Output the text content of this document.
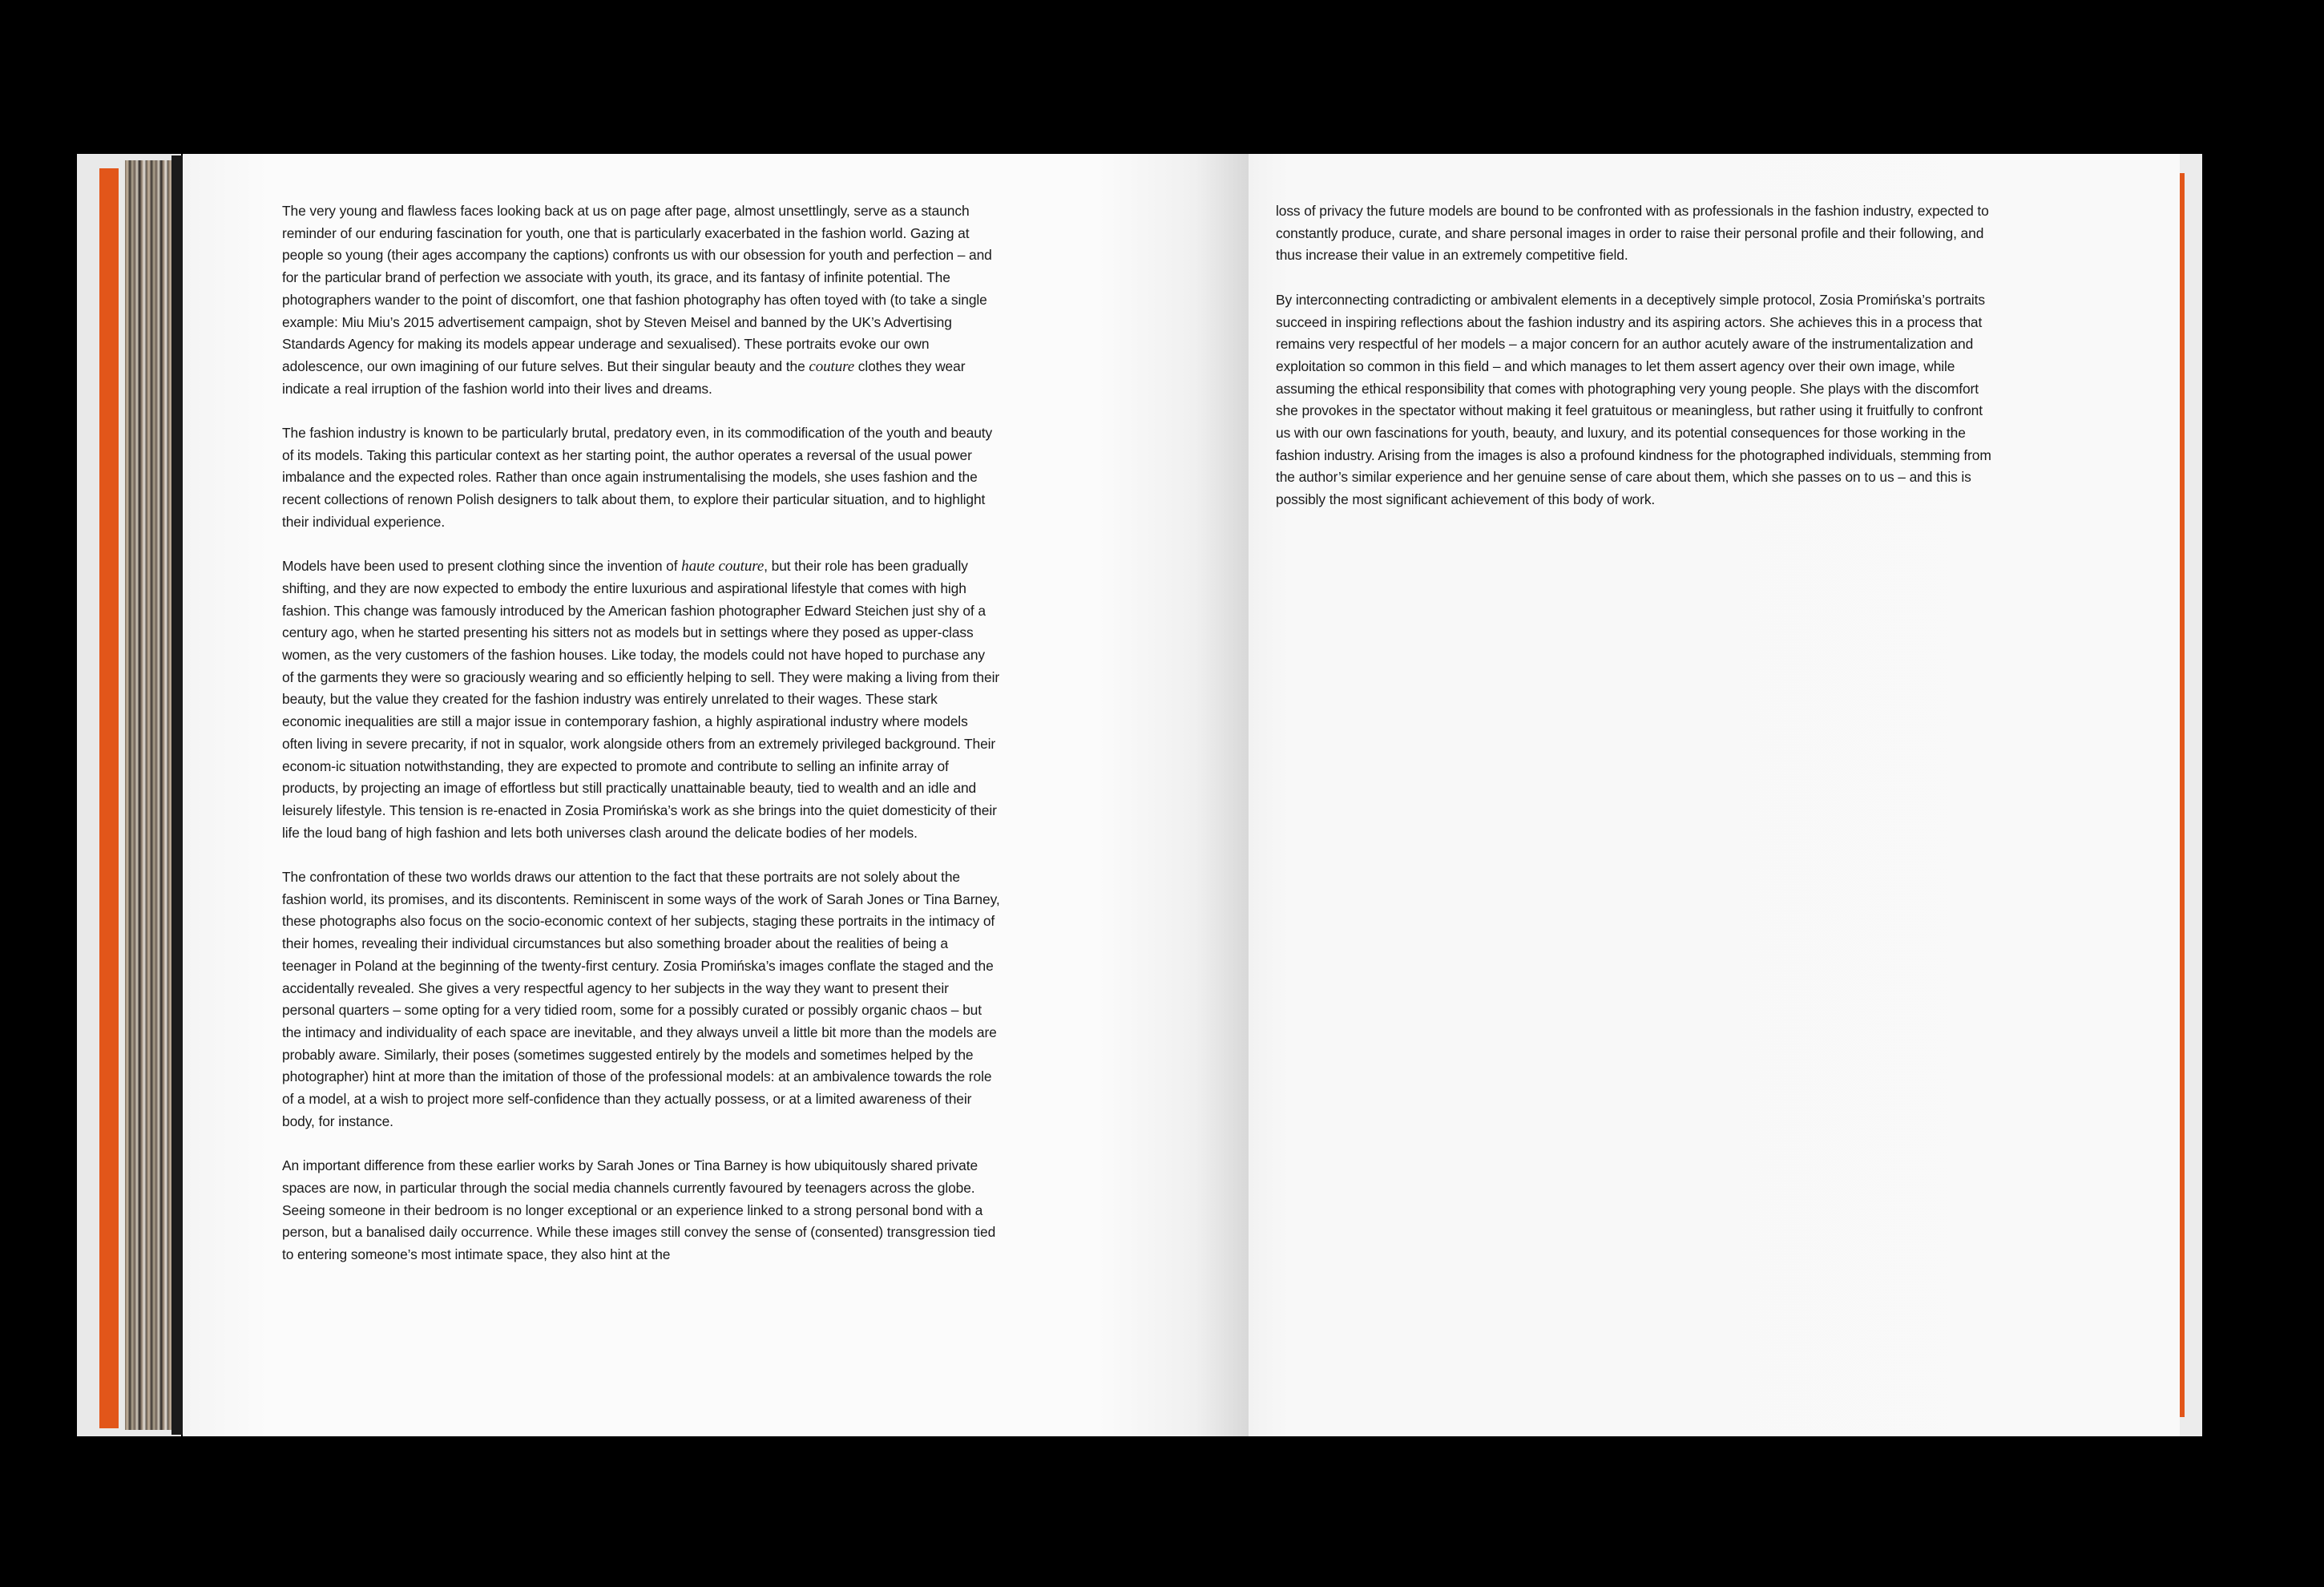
The very young and flawless faces looking back at us on page after page, almost unsettlingly, serve as a staunch reminder of our enduring fascination for youth, one that is particularly exacerbated in the fashion world. Gazing at people so young (their ages accompany the captions) confronts us with our obsession for youth and perfection – and for the particular brand of perfection we associate with youth, its grace, and its fantasy of infinite potential. The photographers wander to the point of discomfort, one that fashion photography has often toyed with (to take a single example: Miu Miu’s 2015 advertisement campaign, shot by Steven Meisel and banned by the UK’s Advertising Standards Agency for making its models appear underage and sexualised). These portraits evoke our own adolescence, our own imagining of our future selves. But their singular beauty and the couture clothes they wear indicate a real irruption of the fashion world into their lives and dreams.

The fashion industry is known to be particularly brutal, predatory even, in its commodification of the youth and beauty of its models. Taking this particular context as her starting point, the author operates a reversal of the usual power imbalance and the expected roles. Rather than once again instrumentalising the models, she uses fashion and the recent collections of renown Polish designers to talk about them, to explore their particular situation, and to highlight their individual experience.

Models have been used to present clothing since the invention of haute couture, but their role has been gradually shifting, and they are now expected to embody the entire luxurious and aspirational lifestyle that comes with high fashion. This change was famously introduced by the American fashion photographer Edward Steichen just shy of a century ago, when he started presenting his sitters not as models but in settings where they posed as upper-class women, as the very customers of the fashion houses. Like today, the models could not have hoped to purchase any of the garments they were so graciously wearing and so efficiently helping to sell. They were making a living from their beauty, but the value they created for the fashion industry was entirely unrelated to their wages. These stark economic inequalities are still a major issue in contemporary fashion, a highly aspirational industry where models often living in severe precarity, if not in squalor, work alongside others from an extremely privileged background. Their econom-ic situation notwithstanding, they are expected to promote and contribute to selling an infinite array of products, by projecting an image of effortless but still practically unattainable beauty, tied to wealth and an idle and leisurely lifestyle. This tension is re-enacted in Zosia Promińska’s work as she brings into the quiet domesticity of their life the loud bang of high fashion and lets both universes clash around the delicate bodies of her models.

The confrontation of these two worlds draws our attention to the fact that these portraits are not solely about the fashion world, its promises, and its discontents. Reminiscent in some ways of the work of Sarah Jones or Tina Barney, these photographs also focus on the socio-economic context of her subjects, staging these portraits in the intimacy of their homes, revealing their individual circumstances but also something broader about the realities of being a teenager in Poland at the beginning of the twenty-first century. Zosia Promińska’s images conflate the staged and the accidentally revealed. She gives a very respectful agency to her subjects in the way they want to present their personal quarters – some opting for a very tidied room, some for a possibly curated or possibly organic chaos – but the intimacy and individuality of each space are inevitable, and they always unveil a little bit more than the models are probably aware. Similarly, their poses (sometimes suggested entirely by the models and sometimes helped by the photographer) hint at more than the imitation of those of the professional models: at an ambivalence towards the role of a model, at a wish to project more self-confidence than they actually possess, or at a limited awareness of their body, for instance.

An important difference from these earlier works by Sarah Jones or Tina Barney is how ubiquitously shared private spaces are now, in particular through the social media channels currently favoured by teenagers across the globe. Seeing someone in their bedroom is no longer exceptional or an experience linked to a strong personal bond with a person, but a banalised daily occurrence. While these images still convey the sense of (consented) transgression tied to entering someone’s most intimate space, they also hint at the

loss of privacy the future models are bound to be confronted with as professionals in the fashion industry, expected to constantly produce, curate, and share personal images in order to raise their personal profile and their following, and thus increase their value in an extremely competitive field.

By interconnecting contradicting or ambivalent elements in a deceptively simple protocol, Zosia Promińska’s portraits succeed in inspiring reflections about the fashion industry and its aspiring actors. She achieves this in a process that remains very respectful of her models – a major concern for an author acutely aware of the instrumentalization and exploitation so common in this field – and which manages to let them assert agency over their own image, while assuming the ethical responsibility that comes with photographing very young people. She plays with the discomfort she provokes in the spectator without making it feel gratuitous or meaningless, but rather using it fruitfully to confront us with our own fascinations for youth, beauty, and luxury, and its potential consequences for those working in the fashion industry. Arising from the images is also a profound kindness for the photographed individuals, stemming from the author’s similar experience and her genuine sense of care about them, which she passes on to us – and this is possibly the most significant achievement of this body of work.
